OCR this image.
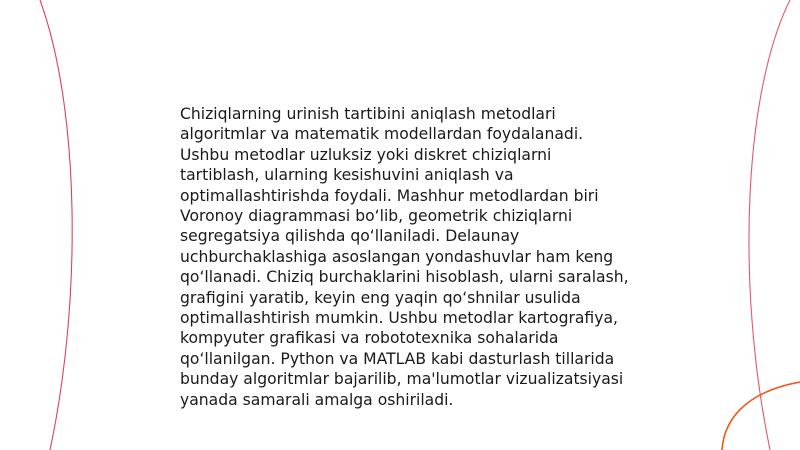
Chiziqlarning urinish tartibini aniqlash metodlari algoritmlar va matematik modellardan foydalanadi. Ushbu metodlar uzluksiz yoki diskret chiziqlarni tartiblash, ularning kesishuvini aniqlash va optimallashtirishda foydali. Mashhur metodlardan biri Voronoy diagrammasi bo‘lib, geometrik chiziqlarni segregatsiya qilishda qo‘llaniladi. Delaunay uchburchaklashiga asoslangan yondashuvlar ham keng qo‘llanadi. Chiziq burchaklarini hisoblash, ularni saralash, grafigini yaratib, keyin eng yaqin qo‘shnilar usulida optimallashtirish mumkin. Ushbu metodlar kartografiya, kompyuter grafikasi va robototexnika sohalarida qo‘llanilgan. Python va MATLAB kabi dasturlash tillarida bunday algoritmlar bajarilib, ma'lumotlar vizualizatsiyasi yanada samarali amalga oshiriladi.
